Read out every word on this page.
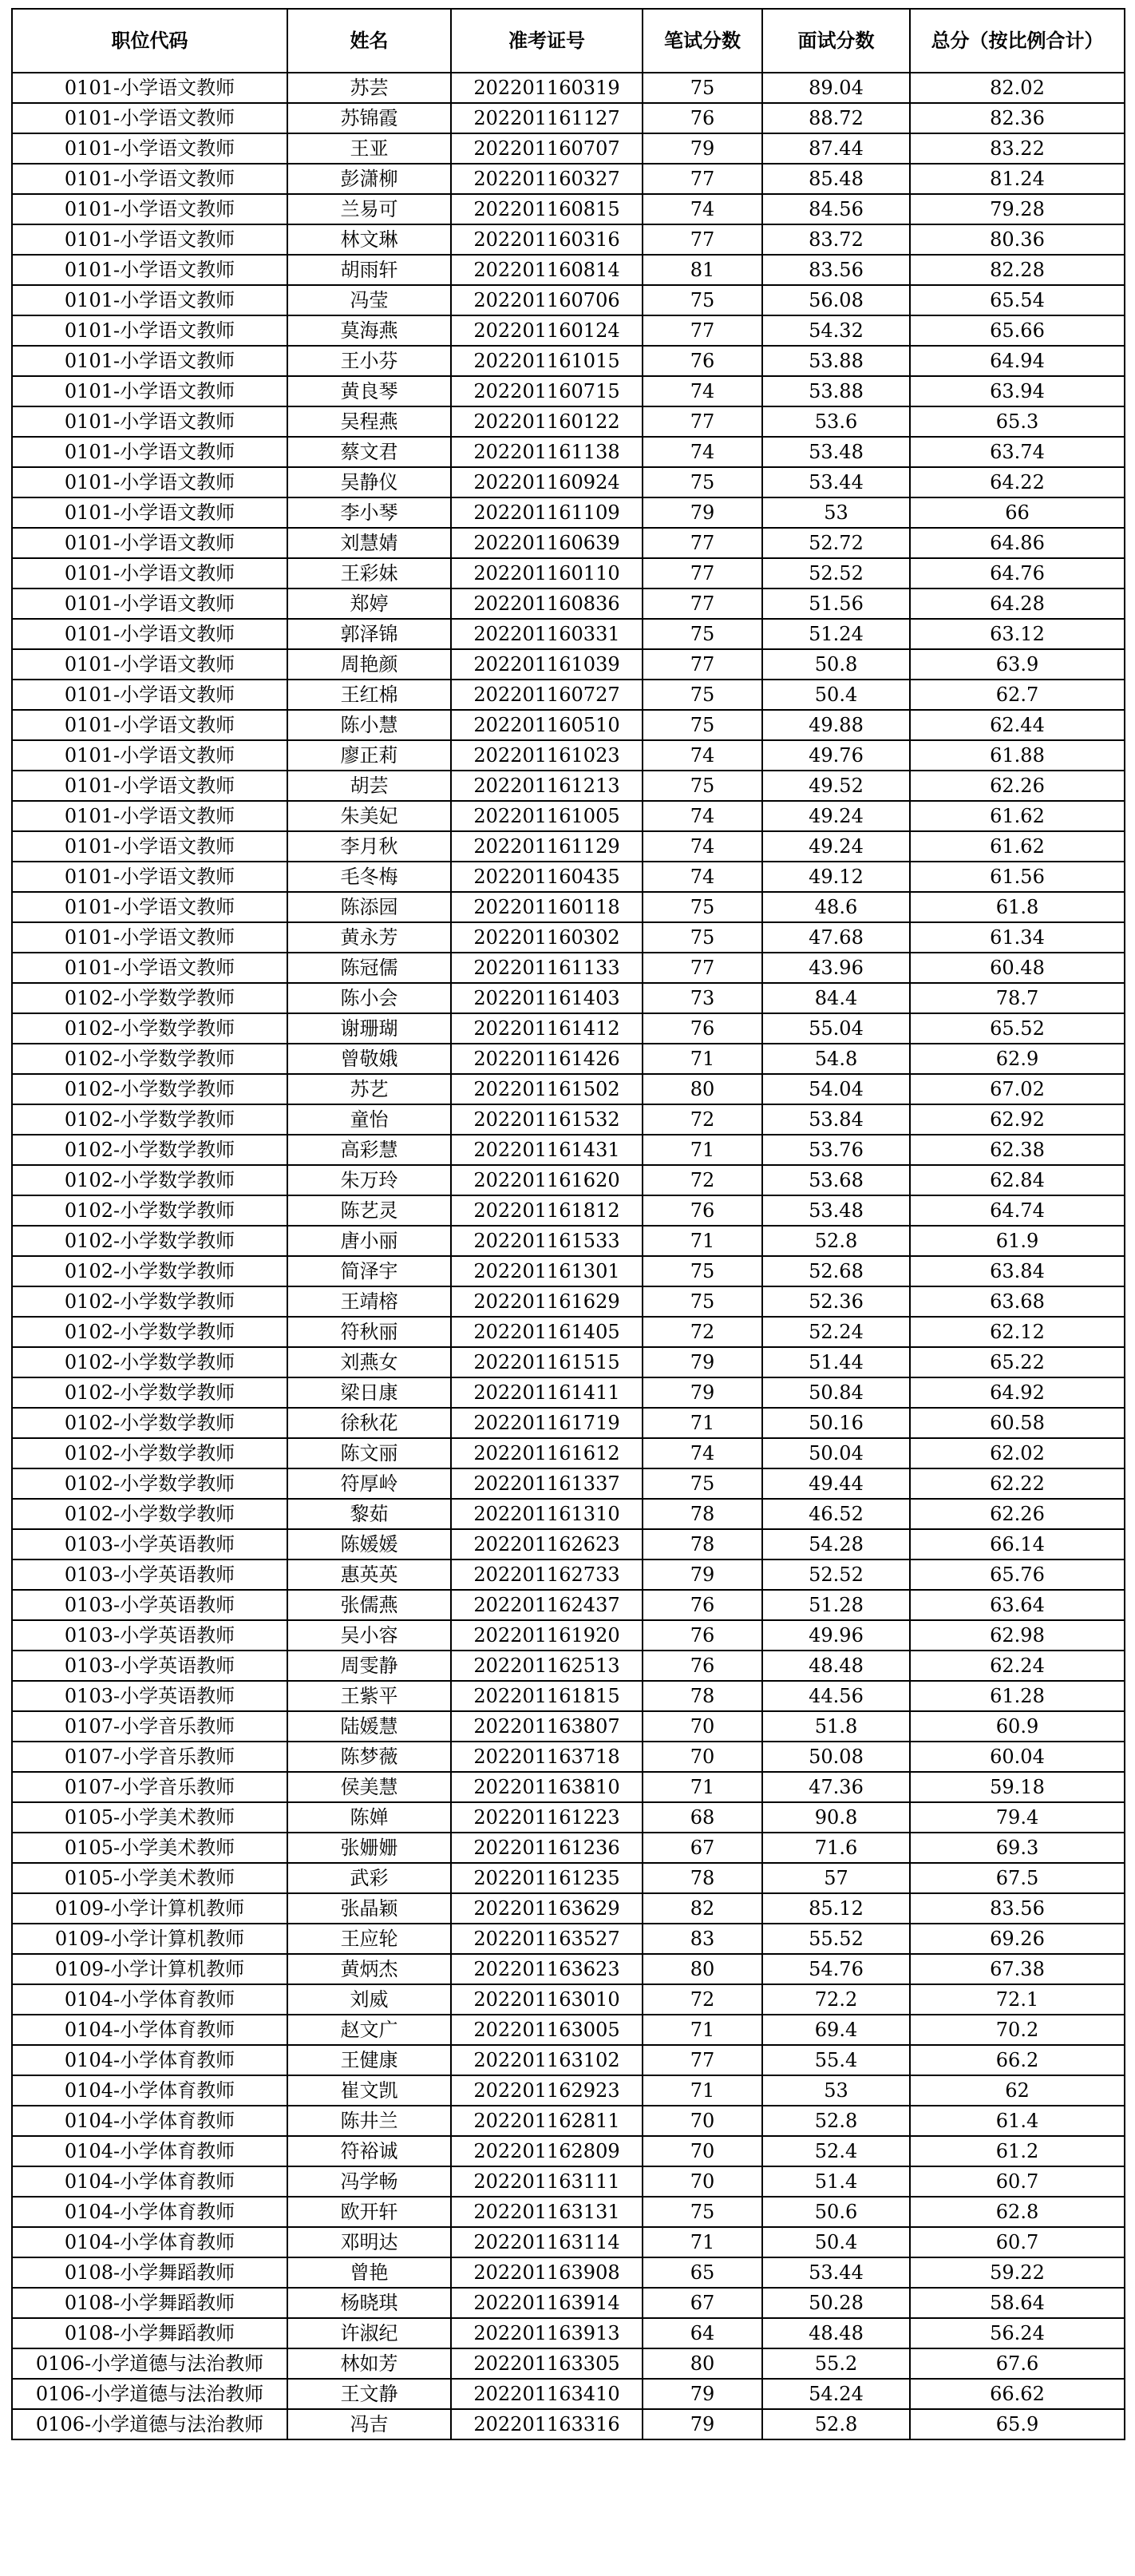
职位代码	姓名	准考证号	笔试分数	面试分数	总分（按比例合计）
0101-小学语文教师	苏芸	202201160319	75	89.04	82.02
0101-小学语文教师	苏锦霞	202201161127	76	88.72	82.36
0101-小学语文教师	王亚	202201160707	79	87.44	83.22
0101-小学语文教师	彭潇柳	202201160327	77	85.48	81.24
0101-小学语文教师	兰易可	202201160815	74	84.56	79.28
0101-小学语文教师	林文琳	202201160316	77	83.72	80.36
0101-小学语文教师	胡雨轩	202201160814	81	83.56	82.28
0101-小学语文教师	冯莹	202201160706	75	56.08	65.54
0101-小学语文教师	莫海燕	202201160124	77	54.32	65.66
0101-小学语文教师	王小芬	202201161015	76	53.88	64.94
0101-小学语文教师	黄良琴	202201160715	74	53.88	63.94
0101-小学语文教师	吴程燕	202201160122	77	53.6	65.3
0101-小学语文教师	蔡文君	202201161138	74	53.48	63.74
0101-小学语文教师	吴静仪	202201160924	75	53.44	64.22
0101-小学语文教师	李小琴	202201161109	79	53	66
0101-小学语文教师	刘慧婧	202201160639	77	52.72	64.86
0101-小学语文教师	王彩妹	202201160110	77	52.52	64.76
0101-小学语文教师	郑婷	202201160836	77	51.56	64.28
0101-小学语文教师	郭泽锦	202201160331	75	51.24	63.12
0101-小学语文教师	周艳颜	202201161039	77	50.8	63.9
0101-小学语文教师	王红棉	202201160727	75	50.4	62.7
0101-小学语文教师	陈小慧	202201160510	75	49.88	62.44
0101-小学语文教师	廖正莉	202201161023	74	49.76	61.88
0101-小学语文教师	胡芸	202201161213	75	49.52	62.26
0101-小学语文教师	朱美妃	202201161005	74	49.24	61.62
0101-小学语文教师	李月秋	202201161129	74	49.24	61.62
0101-小学语文教师	毛冬梅	202201160435	74	49.12	61.56
0101-小学语文教师	陈添园	202201160118	75	48.6	61.8
0101-小学语文教师	黄永芳	202201160302	75	47.68	61.34
0101-小学语文教师	陈冠儒	202201161133	77	43.96	60.48
0102-小学数学教师	陈小会	202201161403	73	84.4	78.7
0102-小学数学教师	谢珊瑚	202201161412	76	55.04	65.52
0102-小学数学教师	曾敬娥	202201161426	71	54.8	62.9
0102-小学数学教师	苏艺	202201161502	80	54.04	67.02
0102-小学数学教师	童怡	202201161532	72	53.84	62.92
0102-小学数学教师	高彩慧	202201161431	71	53.76	62.38
0102-小学数学教师	朱万玲	202201161620	72	53.68	62.84
0102-小学数学教师	陈艺灵	202201161812	76	53.48	64.74
0102-小学数学教师	唐小丽	202201161533	71	52.8	61.9
0102-小学数学教师	简泽宇	202201161301	75	52.68	63.84
0102-小学数学教师	王靖榕	202201161629	75	52.36	63.68
0102-小学数学教师	符秋丽	202201161405	72	52.24	62.12
0102-小学数学教师	刘燕女	202201161515	79	51.44	65.22
0102-小学数学教师	梁日康	202201161411	79	50.84	64.92
0102-小学数学教师	徐秋花	202201161719	71	50.16	60.58
0102-小学数学教师	陈文丽	202201161612	74	50.04	62.02
0102-小学数学教师	符厚岭	202201161337	75	49.44	62.22
0102-小学数学教师	黎茹	202201161310	78	46.52	62.26
0103-小学英语教师	陈媛媛	202201162623	78	54.28	66.14
0103-小学英语教师	惠英英	202201162733	79	52.52	65.76
0103-小学英语教师	张儒燕	202201162437	76	51.28	63.64
0103-小学英语教师	吴小容	202201161920	76	49.96	62.98
0103-小学英语教师	周雯静	202201162513	76	48.48	62.24
0103-小学英语教师	王紫平	202201161815	78	44.56	61.28
0107-小学音乐教师	陆媛慧	202201163807	70	51.8	60.9
0107-小学音乐教师	陈梦薇	202201163718	70	50.08	60.04
0107-小学音乐教师	侯美慧	202201163810	71	47.36	59.18
0105-小学美术教师	陈婵	202201161223	68	90.8	79.4
0105-小学美术教师	张姗姗	202201161236	67	71.6	69.3
0105-小学美术教师	武彩	202201161235	78	57	67.5
0109-小学计算机教师	张晶颖	202201163629	82	85.12	83.56
0109-小学计算机教师	王应轮	202201163527	83	55.52	69.26
0109-小学计算机教师	黄炳杰	202201163623	80	54.76	67.38
0104-小学体育教师	刘威	202201163010	72	72.2	72.1
0104-小学体育教师	赵文广	202201163005	71	69.4	70.2
0104-小学体育教师	王健康	202201163102	77	55.4	66.2
0104-小学体育教师	崔文凯	202201162923	71	53	62
0104-小学体育教师	陈井兰	202201162811	70	52.8	61.4
0104-小学体育教师	符裕诚	202201162809	70	52.4	61.2
0104-小学体育教师	冯学畅	202201163111	70	51.4	60.7
0104-小学体育教师	欧开轩	202201163131	75	50.6	62.8
0104-小学体育教师	邓明达	202201163114	71	50.4	60.7
0108-小学舞蹈教师	曾艳	202201163908	65	53.44	59.22
0108-小学舞蹈教师	杨晓琪	202201163914	67	50.28	58.64
0108-小学舞蹈教师	许淑纪	202201163913	64	48.48	56.24
0106-小学道德与法治教师	林如芳	202201163305	80	55.2	67.6
0106-小学道德与法治教师	王文静	202201163410	79	54.24	66.62
0106-小学道德与法治教师	冯吉	202201163316	79	52.8	65.9
